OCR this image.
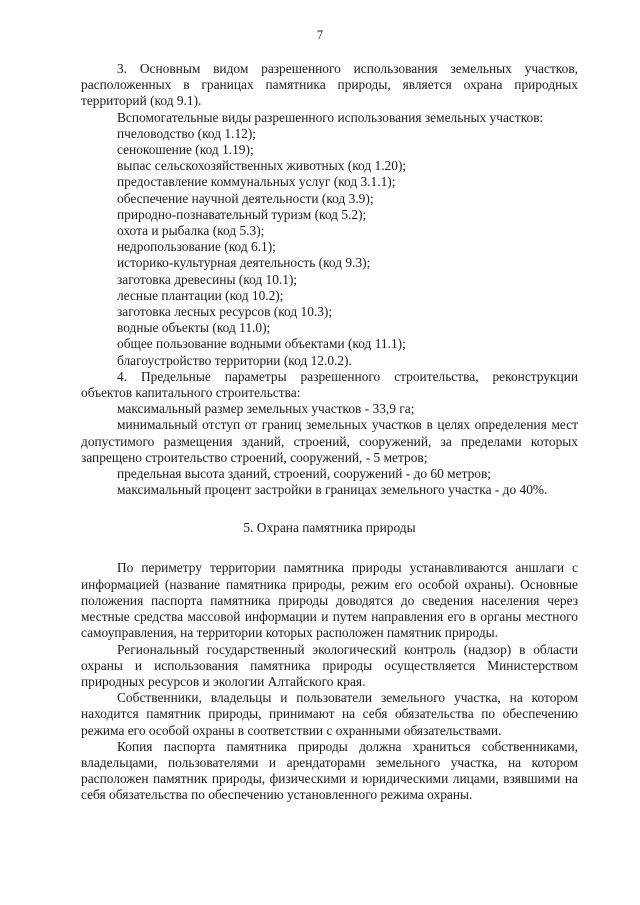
7

3. Основным видом разрешенного использования земельных участков, расположенных в границах памятника природы, является охрана природных территорий (код 9.1).

Вспомогательные виды разрешенного использования земельных участков:

пчеловодство (код 1.12);
сенокошение (код 1.19);
выпас сельскохозяйственных животных (код 1.20);
предоставление коммунальных услуг (код 3.1.1);
обеспечение научной деятельности (код 3.9);
природно-познавательный туризм (код 5.2);
охота и рыбалка (код 5.3);
недропользование (код 6.1);
историко-культурная деятельность (код 9.3);
заготовка древесины (код 10.1);
лесные плантации (код 10.2);
заготовка лесных ресурсов (код 10.3);
водные объекты (код 11.0);
общее пользование водными объектами (код 11.1);
благоустройство территории (код 12.0.2).

4. Предельные параметры разрешенного строительства, реконструкции объектов капитального строительства:

максимальный размер земельных участков - 33,9 га;

минимальный отступ от границ земельных участков в целях определения мест допустимого размещения зданий, строений, сооружений, за пределами которых запрещено строительство строений, сооружений, - 5 метров;

предельная высота зданий, строений, сооружений - до 60 метров;

максимальный процент застройки в границах земельного участка - до 40%.

5. Охрана памятника природы

По периметру территории памятника природы устанавливаются аншлаги с информацией (название памятника природы, режим его особой охраны). Основные положения паспорта памятника природы доводятся до сведения населения через местные средства массовой информации и путем направления его в органы местного самоуправления, на территории которых расположен памятник природы.

Региональный государственный экологический контроль (надзор) в области охраны и использования памятника природы осуществляется Министерством природных ресурсов и экологии Алтайского края.

Собственники, владельцы и пользователи земельного участка, на котором находится памятник природы, принимают на себя обязательства по обеспечению режима его особой охраны в соответствии с охранными обязательствами.

Копия паспорта памятника природы должна храниться собственниками, владельцами, пользователями и арендаторами земельного участка, на котором расположен памятник природы, физическими и юридическими лицами, взявшими на себя обязательства по обеспечению установленного режима охраны.
